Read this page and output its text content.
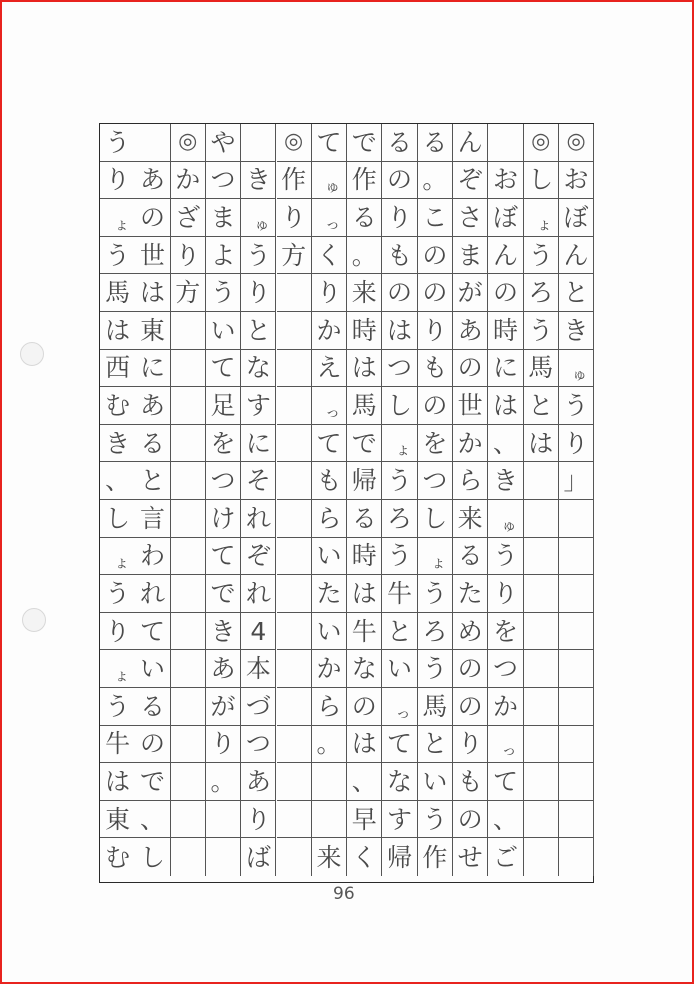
◎
お
ぼ
ん
と
き
ゅ
う
り
」
◎
し
ょ
う
ろ
う
馬
と
は
お
ぼ
ん
の
時
に
は
、
き
ゅ
う
り
を
つ
か
っ
て
、
ご
ん
ぞ
さ
ま
が
あ
の
世
か
ら
来
る
た
め
の
の
り
も
の
せ
る
。
こ
の
の
り
も
の
を
つ
し
ょ
う
ろ
う
馬
と
い
う
作
る
の
り
も
の
は
つ
し
ょ
う
ろ
う
牛
と
い
っ
て
な
す
帰
で
作
る
。
来
時
は
馬
で
帰
る
時
は
牛
な
の
は
、
早
く
て
ゅ
っ
く
り
か
え
っ
て
も
ら
い
た
い
か
ら
。
来
◎
作
り
方
き
ゅ
う
り
と
な
す
に
そ
れ
ぞ
れ
4
本
づ
つ
あ
り
ば
や
つ
ま
よ
う
い
て
足
を
つ
け
て
で
き
あ
が
り
。
◎
か
ざ
り
方
あ
の
世
は
東
に
あ
る
と
言
わ
れ
て
い
る
の
で
、
し
う
り
ょ
う
馬
は
西
む
き
、
し
ょ
う
り
ょ
う
牛
は
東
む
96
